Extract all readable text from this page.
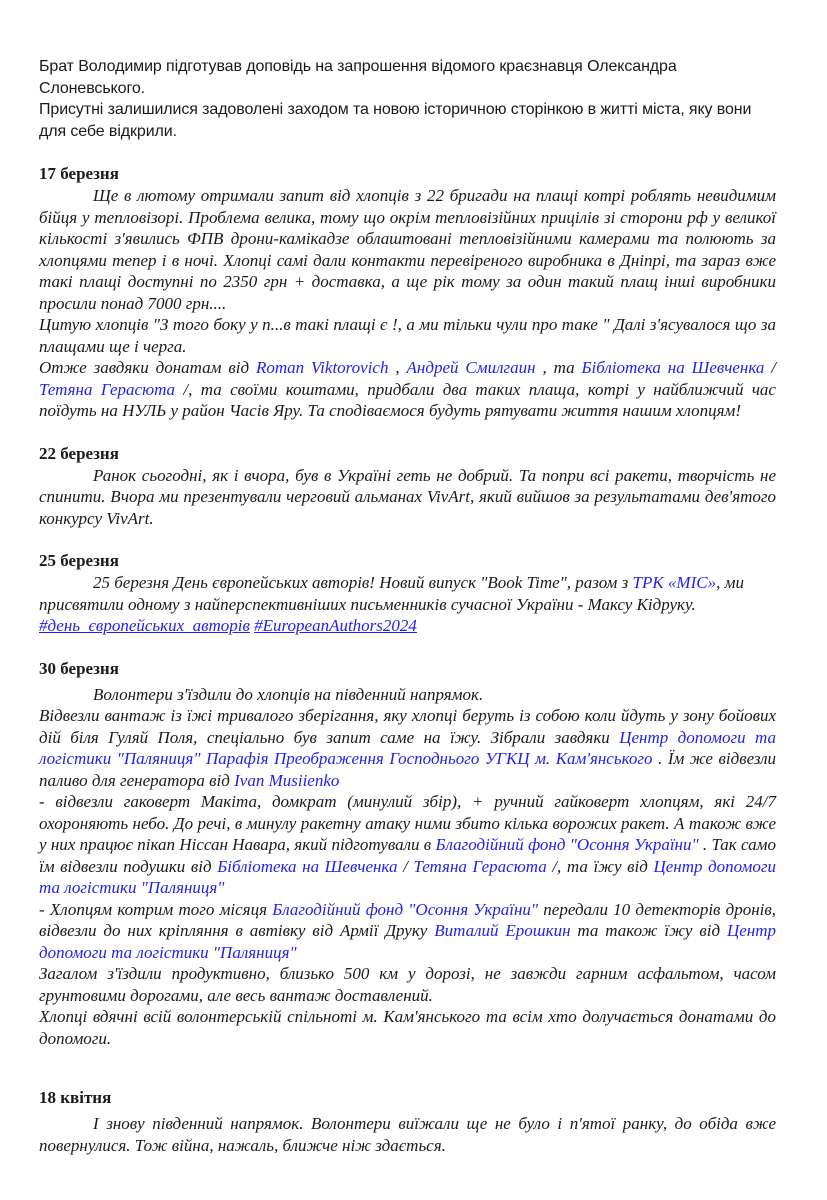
Брат Володимир підготував доповідь на запрошення відомого краєзнавця Олександра Слоневського.

Присутні залишилися задоволені заходом та новою історичною сторінкою в житті міста, яку вони для себе відкрили.

17 березня

Ще в лютому отримали запит від хлопців з 22 бригади на плащі котрі роблять невидимим бійця у тепловізорі. Проблема велика, тому що окрім тепловізійних прицілів зі сторони рф у великої кількості з'явились ФПВ дрони-камікадзе облаштовані тепловізійними камерами та полюють за хлопцями тепер і в ночі. Хлопці самі дали контакти перевіреного виробника в Дніпрі, та зараз вже такі плащі доступні по 2350 грн + доставка, а ще рік тому за один такий плащ інші виробники просили понад 7000 грн....

Цитую хлопців "З того боку у п...в такі плащі є !, а ми тільки чули про таке " Далі з'ясувалося що за плащами ще і черга.

Отже завдяки донатам від Roman Viktorovich , Андрей Смилгаин , та Бібліотека на Шевченка / Тетяна Герасюта /, та своїми коштами, придбали два таких плаща, котрі у найближчий час поїдуть на НУЛЬ у район Часів Яру. Та сподіваємося будуть рятувати життя нашим хлопцям!

22 березня

Ранок сьогодні, як і вчора, був в Україні геть не добрий. Та попри всі ракети, творчість не спинити. Вчора ми презентували черговий альманах VivArt, який вийшов за результатами дев'ятого конкурсу VivArt.

25 березня

25 березня День європейських авторів! Новий випуск "Book Time", разом з ТРК «МІС», ми присвятили одному з найперспективніших письменників сучасної України - Максу Кідруку. #день_європейських_авторів #EuropeanAuthors2024

30 березня

Волонтери з'їздили до хлопців на південний напрямок.

Відвезли вантаж із їжі тривалого зберігання, яку хлопці беруть із собою коли йдуть у зону бойових дій біля Гуляй Поля, спеціально був запит саме на їжу. Зібрали завдяки Центр допомоги та логістики "Паляниця" Парафія Преображення Господнього УГКЦ м. Кам'янського . Їм же відвезли паливо для генератора від Ivan Musiienko

- відвезли гаковерт Макіта, домкрат (минулий збір), + ручний гайковерт хлопцям, які 24/7 охороняють небо. До речі, в минулу ракетну атаку ними збито кілька ворожих ракет. А також вже у них працює пікап Ніссан Навара, який підготували в Благодійний фонд "Осоння України" . Так само їм відвезли подушки від Бібліотека на Шевченка / Тетяна Герасюта /, та їжу від Центр допомоги та логістики "Паляниця"

- Хлопцям котрим того місяця Благодійний фонд "Осоння України" передали 10 детекторів дронів, відвезли до них кріпляння в автівку від Армії Друку Виталий Ерошкин та також їжу від Центр допомоги та логістики "Паляниця"

Загалом з'їздили продуктивно, близько 500 км у дорозі, не завжди гарним асфальтом, часом грунтовими дорогами, але весь вантаж доставлений.

Хлопці вдячні всій волонтерській спільноті м. Кам'янського та всім хто долучається донатами до допомоги.

18 квітня

І знову південний напрямок. Волонтери виїжали ще не було і п'ятої ранку, до обіда вже повернулися. Тож війна, нажаль, ближче ніж здається.
